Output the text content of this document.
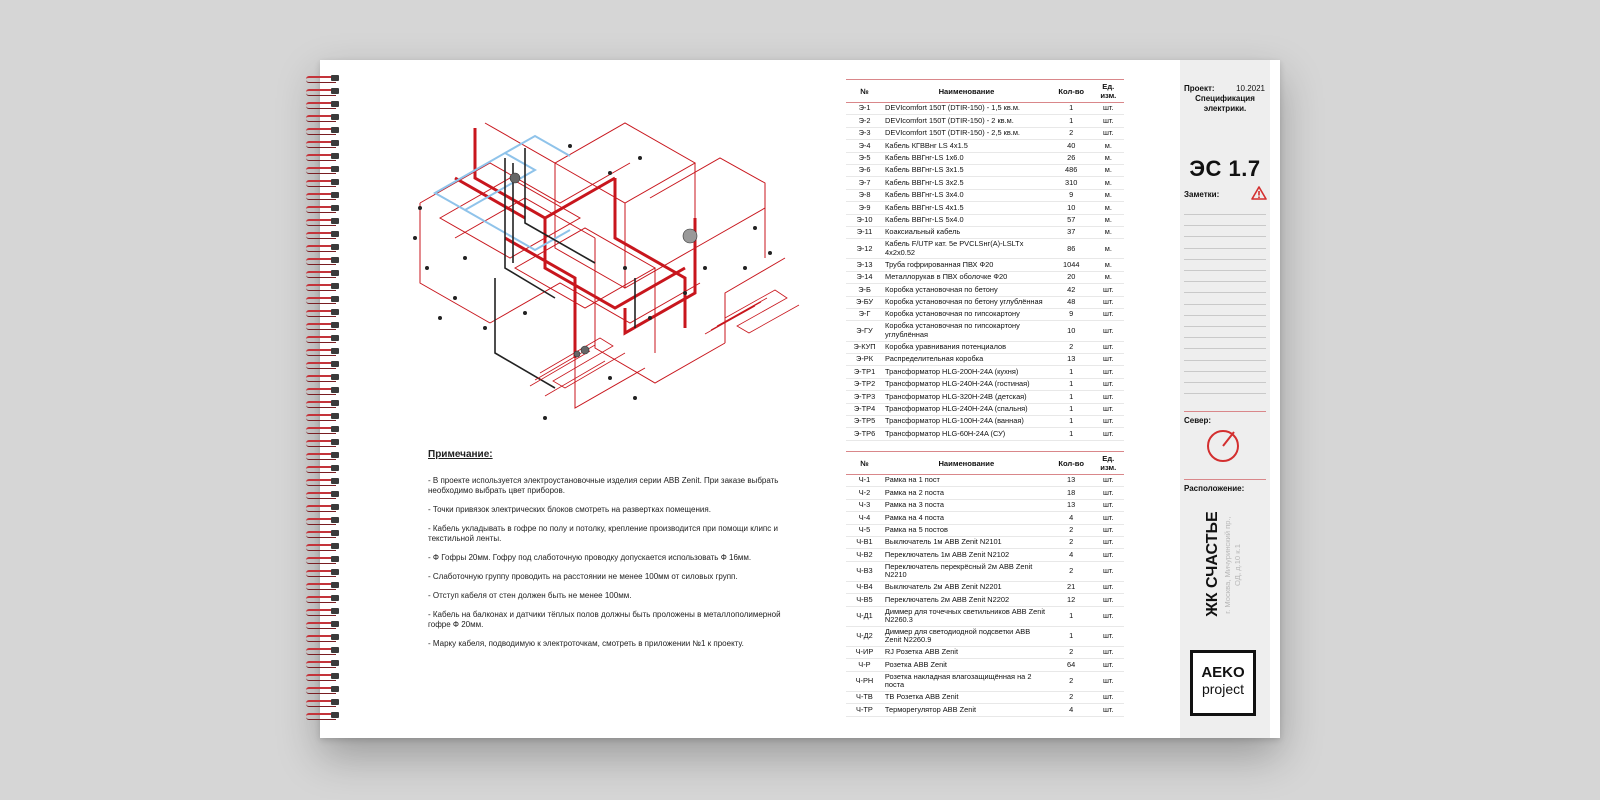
Примечание:
- В проекте используется электроустановочные изделия серии ABB Zenit. При заказе выбрать необходимо выбрать цвет приборов.
- Точки привязок электрических блоков смотреть на развертках помещения.
- Кабель укладывать в гофре по полу и потолку, крепление производится при помощи клипс и текстильной ленты.
- Ф Гофры 20мм. Гофру под слаботочную проводку допускается использовать Ф 16мм.
- Слаботочную группу проводить на расстоянии не менее 100мм от силовых групп.
- Отступ кабеля от стен должен быть не менее 100мм.
- Кабель на балконах и датчики тёплых полов должны быть проложены в металлополимерной гофре Ф 20мм.
- Марку кабеля, подводимую к электроточкам, смотреть в приложении №1 к проекту.
№	Наименование	Кол-во	Ед. изм.
Э-1	DEVIcomfort 150T (DTIR-150) - 1,5 кв.м.	1	шт.
Э-2	DEVIcomfort 150T (DTIR-150) - 2 кв.м.	1	шт.
Э-3	DEVIcomfort 150T (DTIR-150) - 2,5 кв.м.	2	шт.
Э-4	Кабель КГВВнг LS 4х1.5	40	м.
Э-5	Кабель ВВГнг-LS 1х6.0	26	м.
Э-6	Кабель ВВГнг-LS 3х1.5	486	м.
Э-7	Кабель ВВГнг-LS 3х2.5	310	м.
Э-8	Кабель ВВГнг-LS 3х4.0	9	м.
Э-9	Кабель ВВГнг-LS 4х1.5	10	м.
Э-10	Кабель ВВГнг-LS 5х4.0	57	м.
Э-11	Коаксиальный кабель	37	м.
Э-12	Кабель F/UTP кат. 5е PVCLSнг(A)-LSLTх 4х2х0.52	86	м.
Э-13	Труба гофрированная ПВХ Ф20	1044	м.
Э-14	Металлорукав в ПВХ оболочке Ф20	20	м.
Э-Б	Коробка установочная по бетону	42	шт.
Э-БУ	Коробка установочная по бетону углублённая	48	шт.
Э-Г	Коробка установочная по гипсокартону	9	шт.
Э-ГУ	Коробка установочная по гипсокартону углублённая	10	шт.
Э-КУП	Коробка уравнивания потенциалов	2	шт.
Э-РК	Распределительная коробка	13	шт.
Э-ТР1	Трансформатор HLG-200H-24A (кухня)	1	шт.
Э-ТР2	Трансформатор HLG-240H-24A (гостиная)	1	шт.
Э-ТР3	Трансформатор HLG-320H-24B (детская)	1	шт.
Э-ТР4	Трансформатор HLG-240H-24A (спальня)	1	шт.
Э-ТР5	Трансформатор HLG-100H-24A (ванная)	1	шт.
Э-ТР6	Трансформатор HLG-60H-24A (СУ)	1	шт.
№	Наименование	Кол-во	Ед. изм.
Ч-1	Рамка на 1 пост	13	шт.
Ч-2	Рамка на 2 поста	18	шт.
Ч-3	Рамка на 3 поста	13	шт.
Ч-4	Рамка на 4 поста	4	шт.
Ч-5	Рамка на 5 постов	2	шт.
Ч-В1	Выключатель 1м ABB Zenit N2101	2	шт.
Ч-В2	Переключатель 1м ABB Zenit N2102	4	шт.
Ч-В3	Переключатель перекрёсный 2м ABB Zenit N2210	2	шт.
Ч-В4	Выключатель 2м ABB Zenit N2201	21	шт.
Ч-В5	Переключатель 2м ABB Zenit N2202	12	шт.
Ч-Д1	Диммер для точечных светильников ABB Zenit N2260.3	1	шт.
Ч-Д2	Диммер для светодиодной подсветки ABB Zenit N2260.9	1	шт.
Ч-ИР	RJ Розетка ABB Zenit	2	шт.
Ч-Р	Розетка ABB Zenit	64	шт.
Ч-РН	Розетка накладная влагозащищённая на 2 поста	2	шт.
Ч-ТВ	ТВ Розетка ABB Zenit	2	шт.
Ч-ТР	Терморегулятор ABB Zenit	4	шт.
Проект:	10.2021
Спецификация электрики.
ЭС 1.7
Заметки:
Север:
Расположение:
ЖК СЧАСТЬЕ г. Москва, Мичуринский пр., ОД, д.10 к.1
AEKO
project
